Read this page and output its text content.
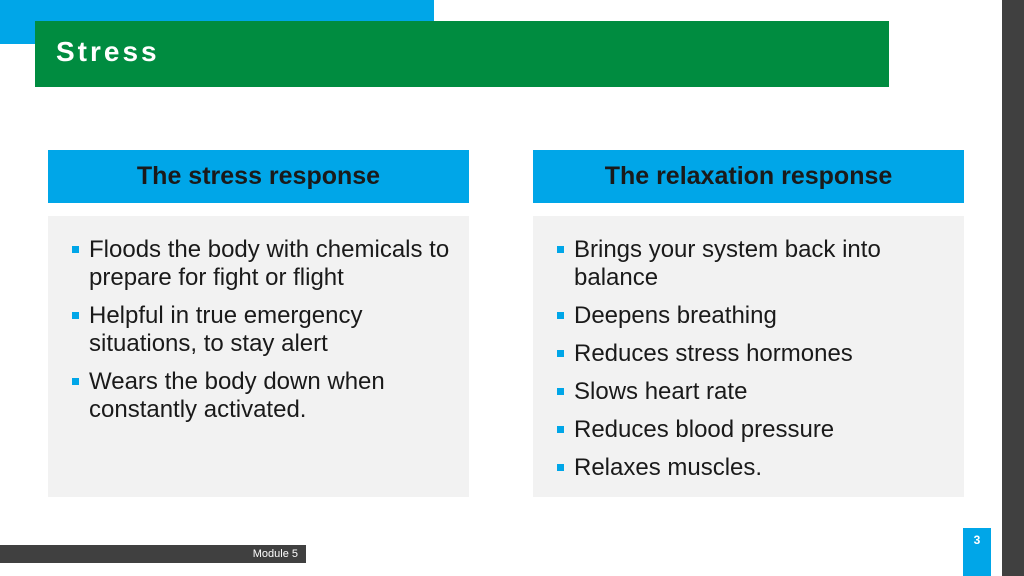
Stress
The stress response	The relaxation response
Floods the body with chemicals to prepare for fight or flight
Helpful in true emergency situations, to stay alert
Wears the body down when constantly activated.
Brings your system back into balance
Deepens breathing
Reduces stress hormones
Slows heart rate
Reduces blood pressure
Relaxes muscles.
Module 5
3
